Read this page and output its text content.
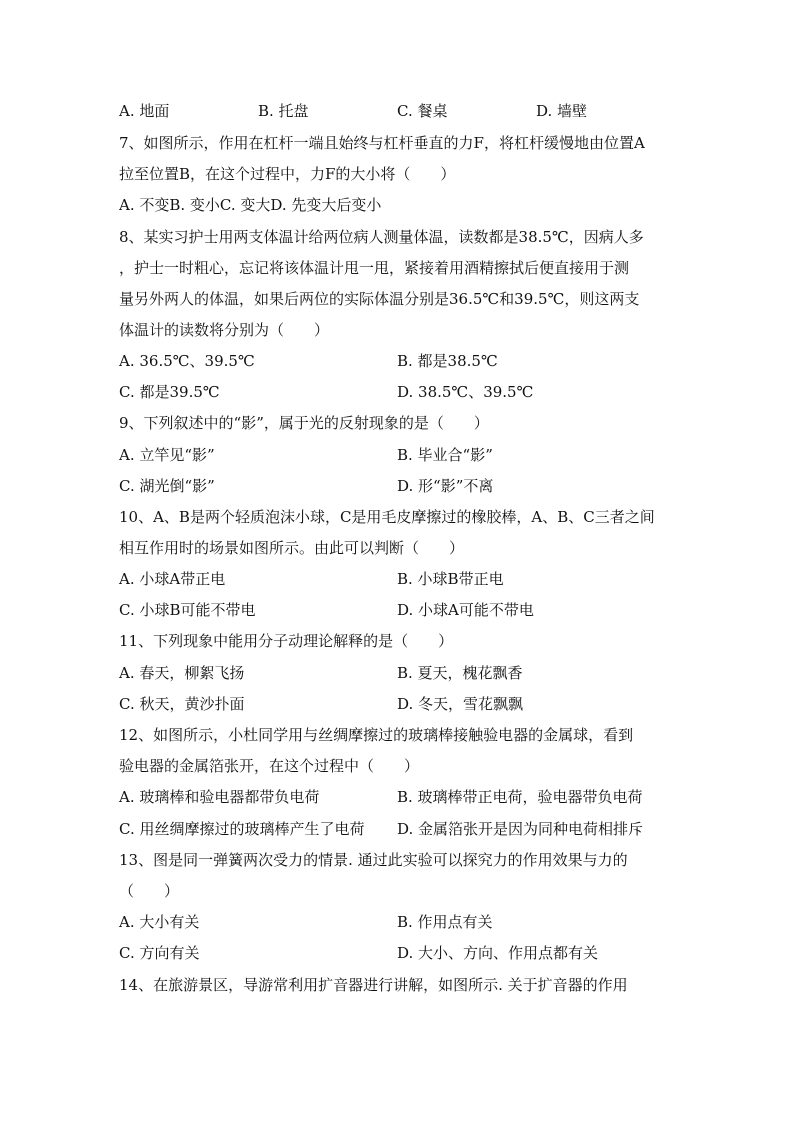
A. 地面	B. 托盘	C. 餐桌	D. 墙壁
7、如图所示，作用在杠杆一端且始终与杠杆垂直的力F，将杠杆缓慢地由位置A
拉至位置B，在这个过程中，力F的大小将（　　）
A. 不变B. 变小C. 变大D. 先变大后变小
8、某实习护士用两支体温计给两位病人测量体温，读数都是38.5℃，因病人多
，护士一时粗心，忘记将该体温计甩一甩，紧接着用酒精擦拭后便直接用于测
量另外两人的体温，如果后两位的实际体温分别是36.5℃和39.5℃，则这两支
体温计的读数将分别为（　　）
A. 36.5℃、39.5℃	B. 都是38.5℃
C. 都是39.5℃	D. 38.5℃、39.5℃
9、下列叙述中的“影”，属于光的反射现象的是（　　）
A. 立竿见“影”	B. 毕业合“影”
C. 湖光倒“影”	D. 形“影”不离
10、A、B是两个轻质泡沫小球，C是用毛皮摩擦过的橡胶棒，A、B、C三者之间
相互作用时的场景如图所示。由此可以判断（　　）
A. 小球A带正电	B. 小球B带正电
C. 小球B可能不带电	D. 小球A可能不带电
11、下列现象中能用分子动理论解释的是（　　）
A. 春天，柳絮飞扬	B. 夏天，槐花飘香
C. 秋天，黄沙扑面	D. 冬天，雪花飘飘
12、如图所示，小杜同学用与丝绸摩擦过的玻璃棒接触验电器的金属球，看到
验电器的金属箔张开，在这个过程中（　　）
A. 玻璃棒和验电器都带负电荷	B. 玻璃棒带正电荷，验电器带负电荷
C. 用丝绸摩擦过的玻璃棒产生了电荷 D. 金属箔张开是因为同种电荷相排斥
13、图是同一弹簧两次受力的情景. 通过此实验可以探究力的作用效果与力的
（　　）
A. 大小有关	B. 作用点有关
C. 方向有关	D. 大小、方向、作用点都有关
14、在旅游景区，导游常利用扩音器进行讲解，如图所示. 关于扩音器的作用
